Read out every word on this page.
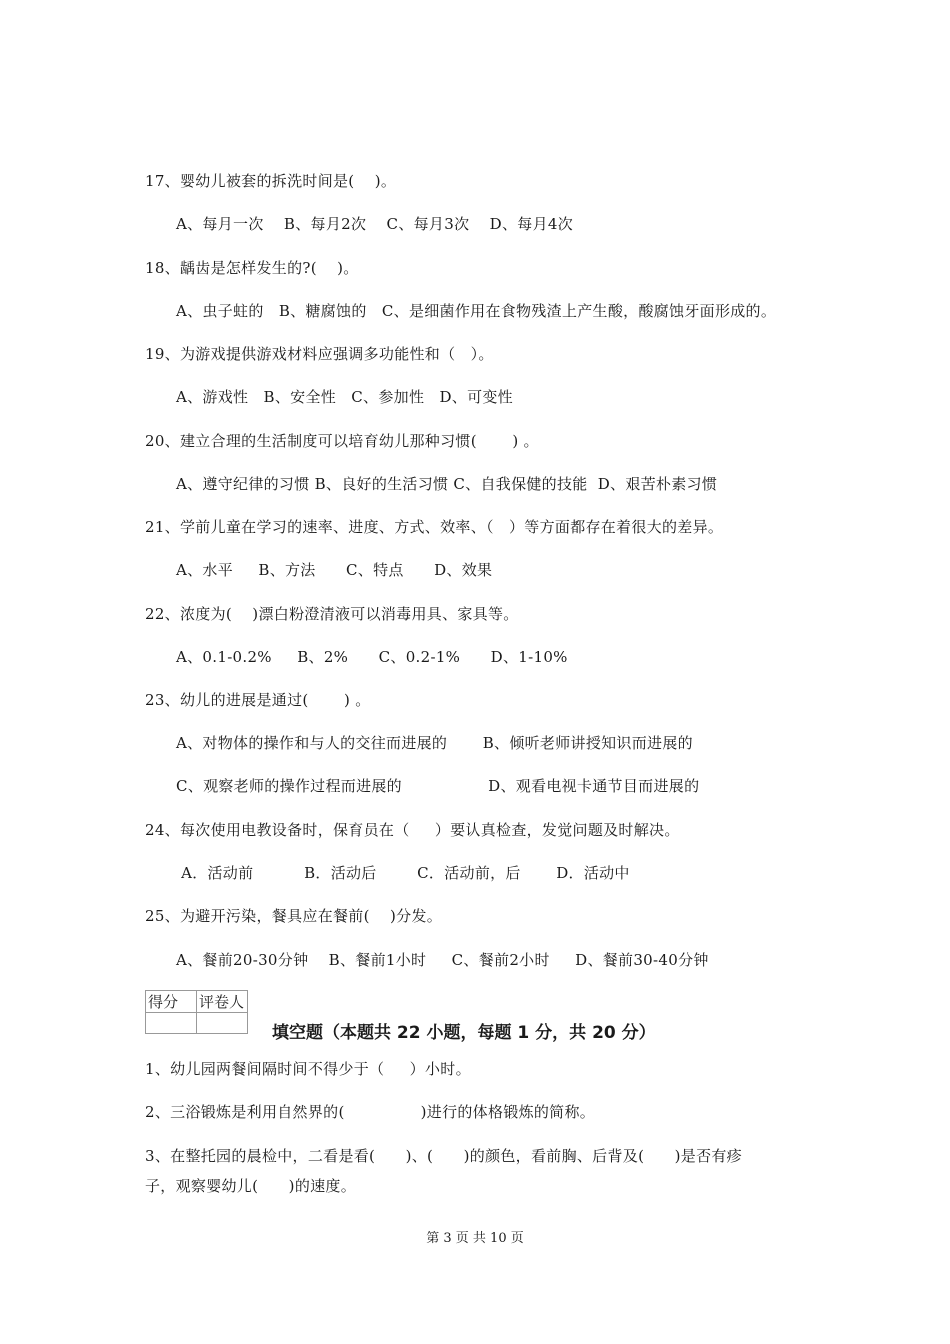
17、婴幼儿被套的拆洗时间是(    )。
A、每月一次    B、每月2次    C、每月3次    D、每月4次
18、龋齿是怎样发生的?(    )。
A、虫子蛀的   B、糖腐蚀的   C、是细菌作用在食物残渣上产生酸，酸腐蚀牙面形成的。
19、为游戏提供游戏材料应强调多功能性和（   ）。
A、游戏性   B、安全性   C、参加性   D、可变性
20、建立合理的生活制度可以培育幼儿那种习惯(       ) 。
A、遵守纪律的习惯 B、良好的生活习惯 C、自我保健的技能  D、艰苦朴素习惯
21、学前儿童在学习的速率、进度、方式、效率、（   ）等方面都存在着很大的差异。
A、水平     B、方法      C、特点      D、效果
22、浓度为(    )漂白粉澄清液可以消毒用具、家具等。
A、0.1-0.2%     B、2%      C、0.2-1%      D、1-10%
23、幼儿的进展是通过(       ) 。
A、对物体的操作和与人的交往而进展的       B、倾听老师讲授知识而进展的
C、观察老师的操作过程而进展的                 D、观看电视卡通节目而进展的
24、每次使用电教设备时，保育员在（     ）要认真检查，发觉问题及时解决。
A．活动前          B．活动后        C．活动前，后       D．活动中
25、为避开污染，餐具应在餐前(    )分发。
A、餐前20-30分钟    B、餐前1小时     C、餐前2小时     D、餐前30-40分钟
得分	评卷人

填空题（本题共 22 小题，每题 1 分，共 20 分）
1、幼儿园两餐间隔时间不得少于（     ）小时。
2、三浴锻炼是利用自然界的(               )进行的体格锻炼的简称。
3、在整托园的晨检中，二看是看(      )、(      )的颜色，看前胸、后背及(      )是否有疹
子，观察婴幼儿(      )的速度。
第 3 页 共 10 页
